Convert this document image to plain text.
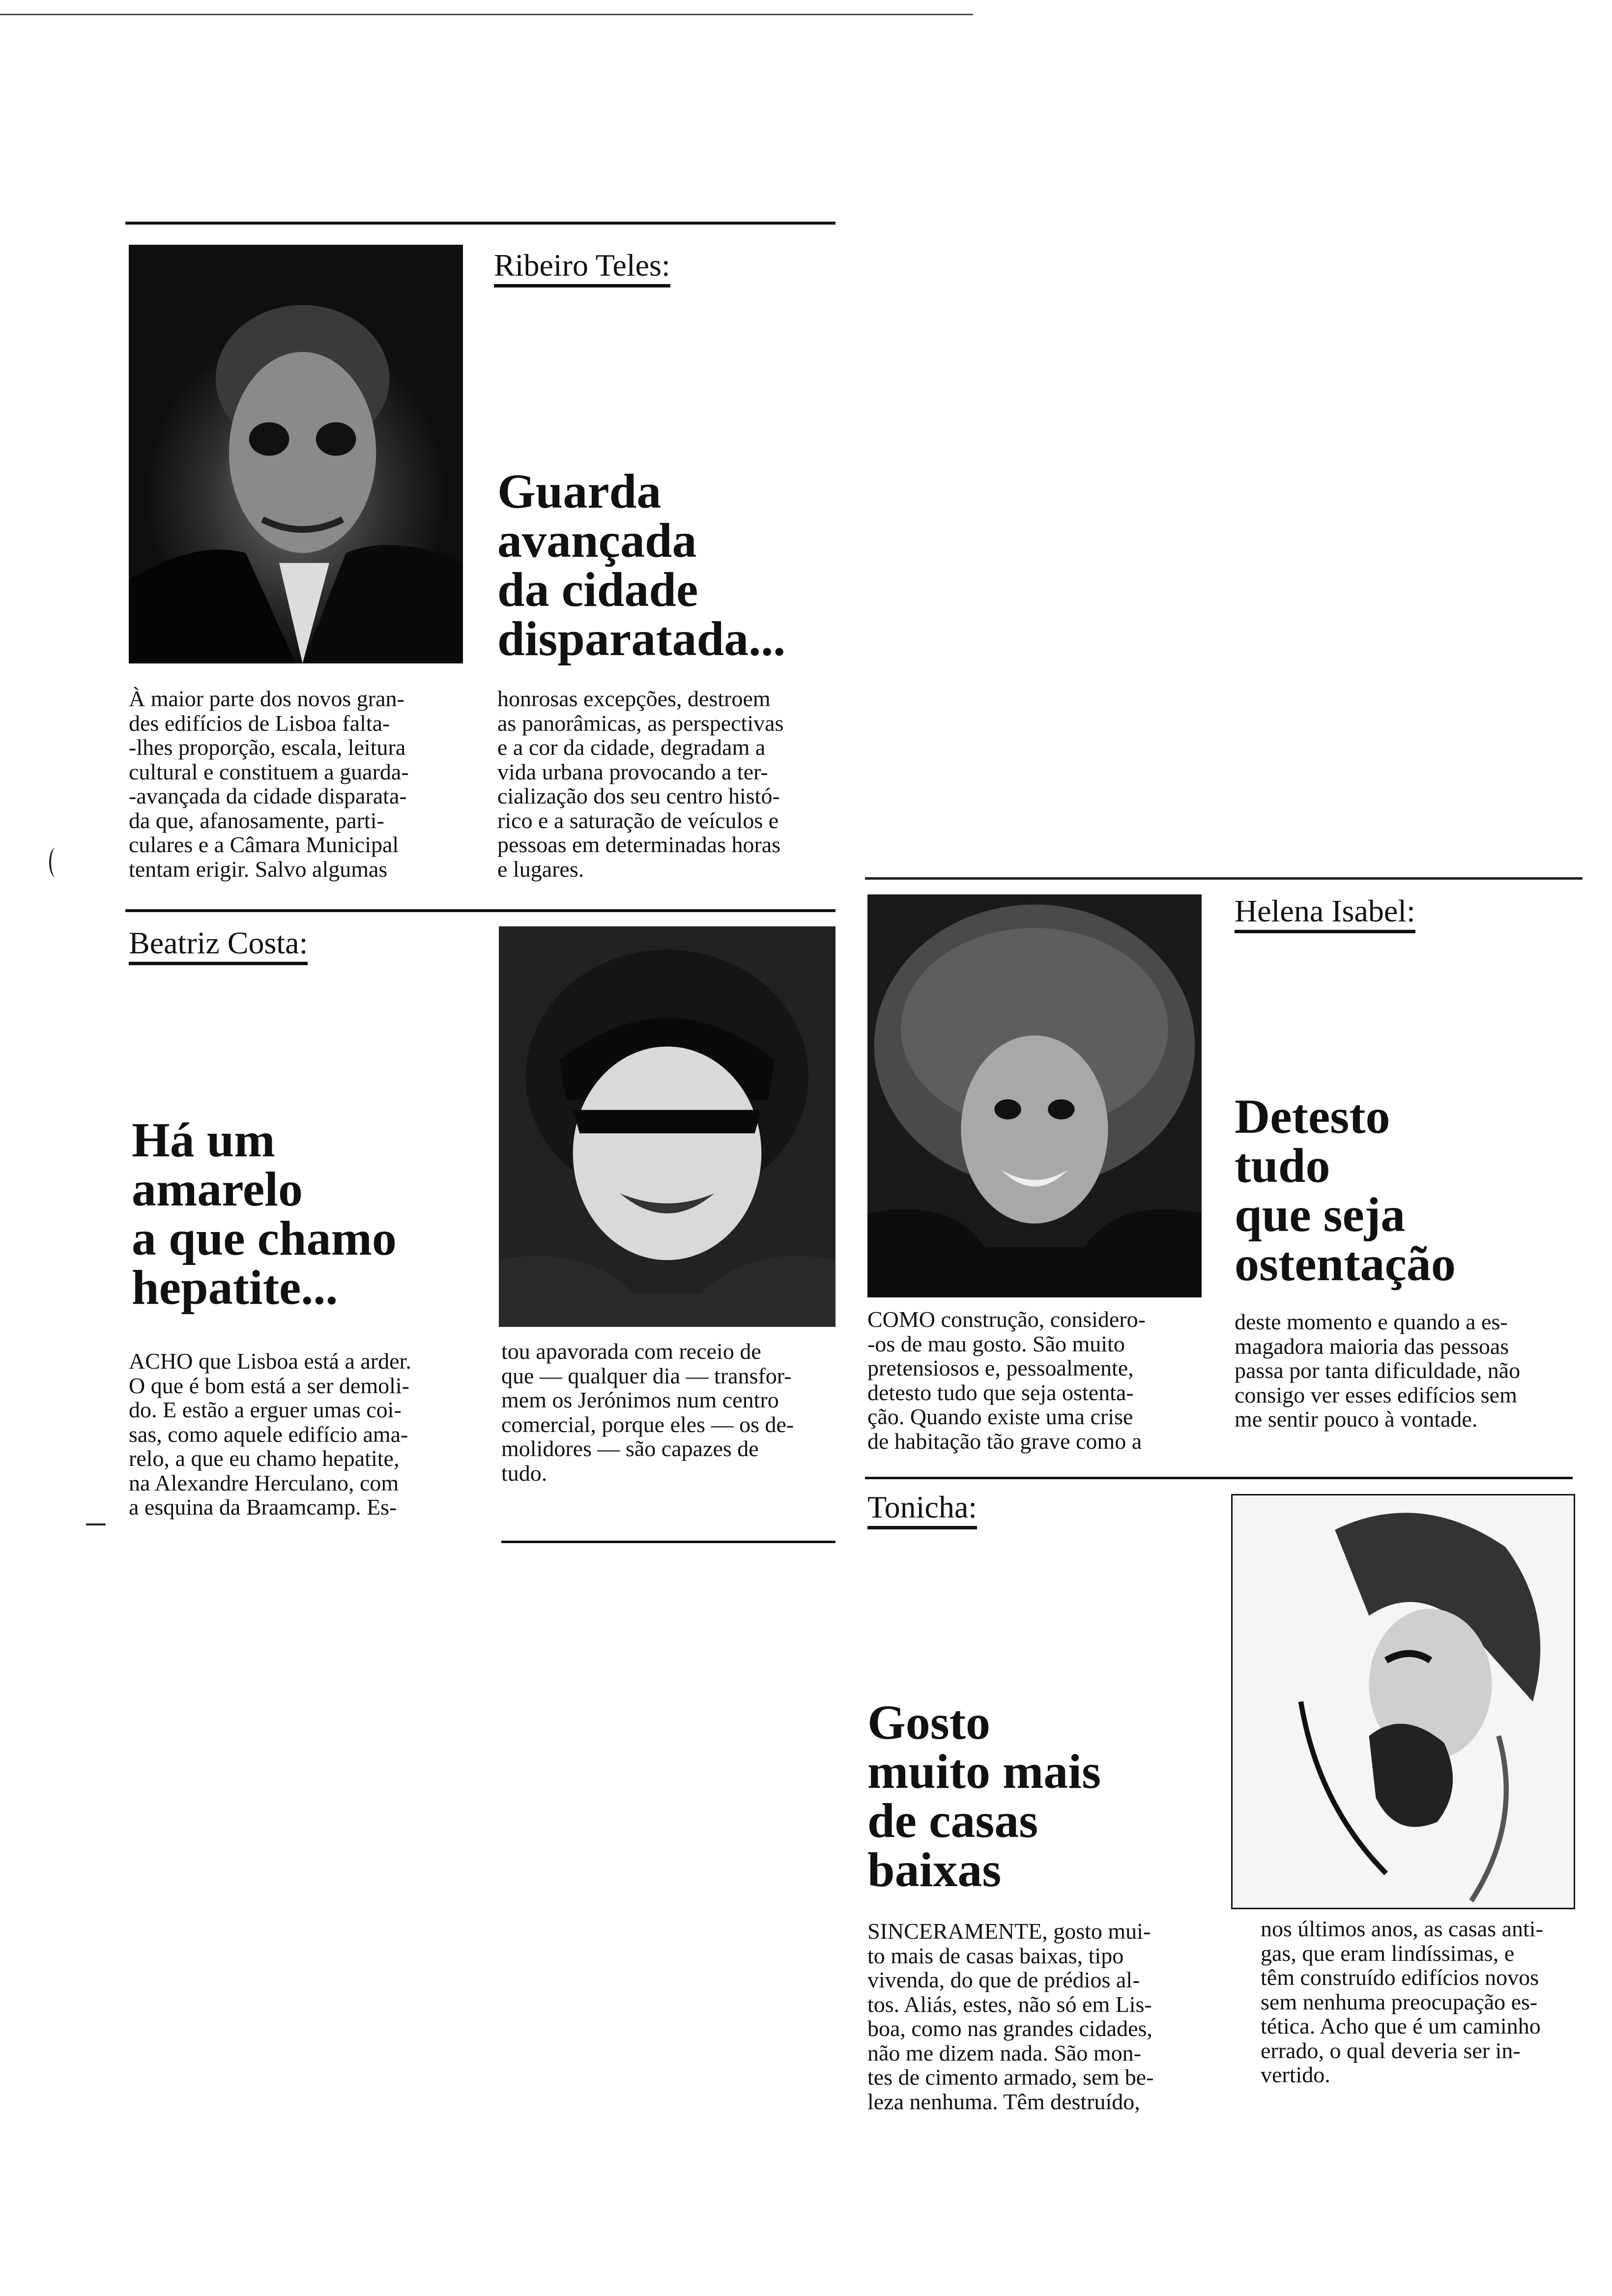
Ribeiro Teles:
Guarda
avançada
da cidade
disparatada...
À maior parte dos novos gran-
des edifícios de Lisboa falta-
-lhes proporção, escala, leitura
cultural e constituem a guarda-
-avançada da cidade disparata-
da que, afanosamente, parti-
culares e a Câmara Municipal
tentam erigir. Salvo algumas
honrosas excepções, destroem
as panorâmicas, as perspectivas
e a cor da cidade, degradam a
vida urbana provocando a ter-
cialização dos seu centro histó-
rico e a saturação de veículos e
pessoas em determinadas horas
e lugares.
Beatriz Costa:
Há um
amarelo
a que chamo
hepatite...
ACHO que Lisboa está a arder.
O que é bom está a ser demoli-
do. E estão a erguer umas coi-
sas, como aquele edifício ama-
relo, a que eu chamo hepatite,
na Alexandre Herculano, com
a esquina da Braamcamp. Es-
tou apavorada com receio de
que — qualquer dia — transfor-
mem os Jerónimos num centro
comercial, porque eles — os de-
molidores — são capazes de
tudo.
Helena Isabel:
Detesto
tudo
que seja
ostentação
COMO construção, considero-
-os de mau gosto. São muito
pretensiosos e, pessoalmente,
detesto tudo que seja ostenta-
ção. Quando existe uma crise
de habitação tão grave como a
deste momento e quando a es-
magadora maioria das pessoas
passa por tanta dificuldade, não
consigo ver esses edifícios sem
me sentir pouco à vontade.
Tonicha:
Gosto
muito mais
de casas
baixas
SINCERAMENTE, gosto mui-
to mais de casas baixas, tipo
vivenda, do que de prédios al-
tos. Aliás, estes, não só em Lis-
boa, como nas grandes cidades,
não me dizem nada. São mon-
tes de cimento armado, sem be-
leza nenhuma. Têm destruído,
nos últimos anos, as casas anti-
gas, que eram lindíssimas, e
têm construído edifícios novos
sem nenhuma preocupação es-
tética. Acho que é um caminho
errado, o qual deveria ser in-
vertido.
